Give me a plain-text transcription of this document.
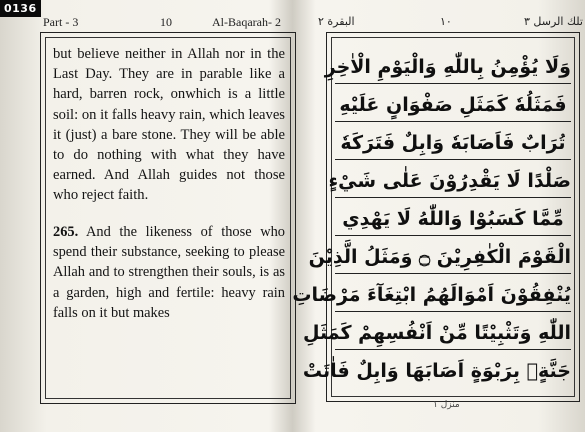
0136
Part - 3	10	Al-Baqarah- 2

but believe neither in Allah nor in the Last Day. They are in parable like a hard, barren rock, onwhich is a little soil: on it falls heavy rain, which leaves it (just) a bare stone. They will be able to do nothing with what they have earned. And Allah guides not those who reject faith.

265. And the likeness of those who spend their substance, seeking to please Allah and to strengthen their souls, is as a garden, high and fertile: heavy rain falls on it but makes

البقرة ٢	١٠	تلك الرسل ٣
وَلَا يُؤْمِنُ بِاللّٰهِ وَالْيَوْمِ الْاٰخِرِ
فَمَثَلُهٗ كَمَثَلِ صَفْوَانٍ عَلَيْهِ
تُرَابٌ فَاَصَابَهٗ وَابِلٌ فَتَرَكَهٗ
صَلْدًا لَا يَقْدِرُوْنَ عَلٰى شَيْءٍ
مِّمَّا كَسَبُوْا وَاللّٰهُ لَا يَهْدِي
الْقَوْمَ الْكٰفِرِيْنَ ۝ وَمَثَلُ الَّذِيْنَ
يُنْفِقُوْنَ اَمْوَالَهُمُ ابْتِغَآءَ مَرْضَاتِ
اللّٰهِ وَتَثْبِيْتًا مِّنْ اَنْفُسِهِمْ كَمَثَلِ
جَنَّةٍۭ بِرَبْوَةٍ اَصَابَهَا وَابِلٌ فَاٰتَتْ
منزل ١
